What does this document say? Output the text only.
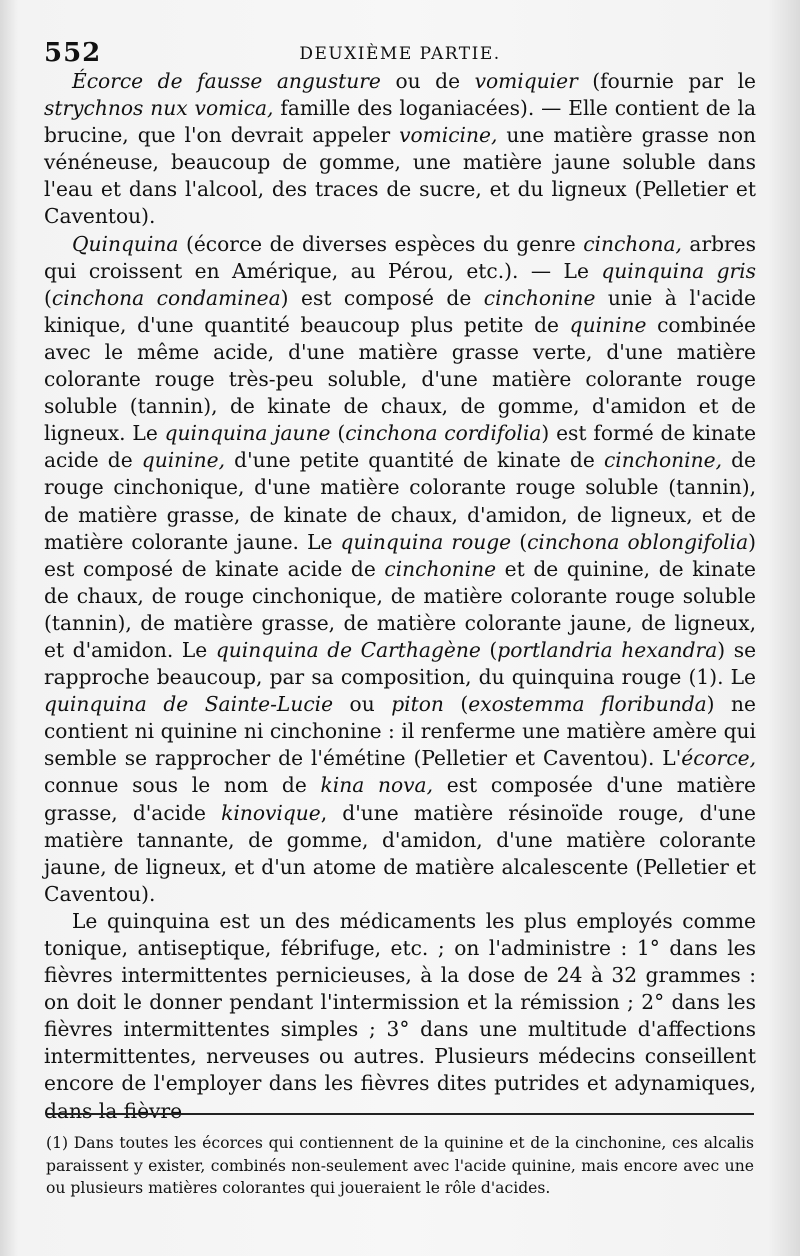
552	DEUXIÈME PARTIE.

Écorce de fausse angusture ou de vomiquier (fournie par le strychnos nux vomica, famille des loganiacées). — Elle contient de la brucine, que l'on devrait appeler vomicine, une matière grasse non vénéneuse, beaucoup de gomme, une matière jaune soluble dans l'eau et dans l'alcool, des traces de sucre, et du ligneux (Pelletier et Caventou).

Quinquina (écorce de diverses espèces du genre cinchona, arbres qui croissent en Amérique, au Pérou, etc.). — Le quinquina gris (cinchona condaminea) est composé de cinchonine unie à l'acide kinique, d'une quantité beaucoup plus petite de quinine combinée avec le même acide, d'une matière grasse verte, d'une matière colorante rouge très-peu soluble, d'une matière colorante rouge soluble (tannin), de kinate de chaux, de gomme, d'amidon et de ligneux. Le quinquina jaune (cinchona cordifolia) est formé de kinate acide de quinine, d'une petite quantité de kinate de cinchonine, de rouge cinchonique, d'une matière colorante rouge soluble (tannin), de matière grasse, de kinate de chaux, d'amidon, de ligneux, et de matière colorante jaune. Le quinquina rouge (cinchona oblongifolia) est composé de kinate acide de cinchonine et de quinine, de kinate de chaux, de rouge cinchonique, de matière colorante rouge soluble (tannin), de matière grasse, de matière colorante jaune, de ligneux, et d'amidon. Le quinquina de Carthagène (portlandria hexandra) se rapproche beaucoup, par sa composition, du quinquina rouge (1). Le quinquina de Sainte-Lucie ou piton (exostemma floribunda) ne contient ni quinine ni cinchonine : il renferme une matière amère qui semble se rapprocher de l'émétine (Pelletier et Caventou). L'écorce, connue sous le nom de kina nova, est composée d'une matière grasse, d'acide kinovique, d'une matière résinoïde rouge, d'une matière tannante, de gomme, d'amidon, d'une matière colorante jaune, de ligneux, et d'un atome de matière alcalescente (Pelletier et Caventou).

Le quinquina est un des médicaments les plus employés comme tonique, antiseptique, fébrifuge, etc. ; on l'administre : 1° dans les fièvres intermittentes pernicieuses, à la dose de 24 à 32 grammes : on doit le donner pendant l'intermission et la rémission ; 2° dans les fièvres intermittentes simples ; 3° dans une multitude d'affections intermittentes, nerveuses ou autres. Plusieurs médecins conseillent encore de l'employer dans les fièvres dites putrides et adynamiques, dans la fièvre

(1) Dans toutes les écorces qui contiennent de la quinine et de la cinchonine, ces alcalis paraissent y exister, combinés non-seulement avec l'acide quinine, mais encore avec une ou plusieurs matières colorantes qui joueraient le rôle d'acides.
